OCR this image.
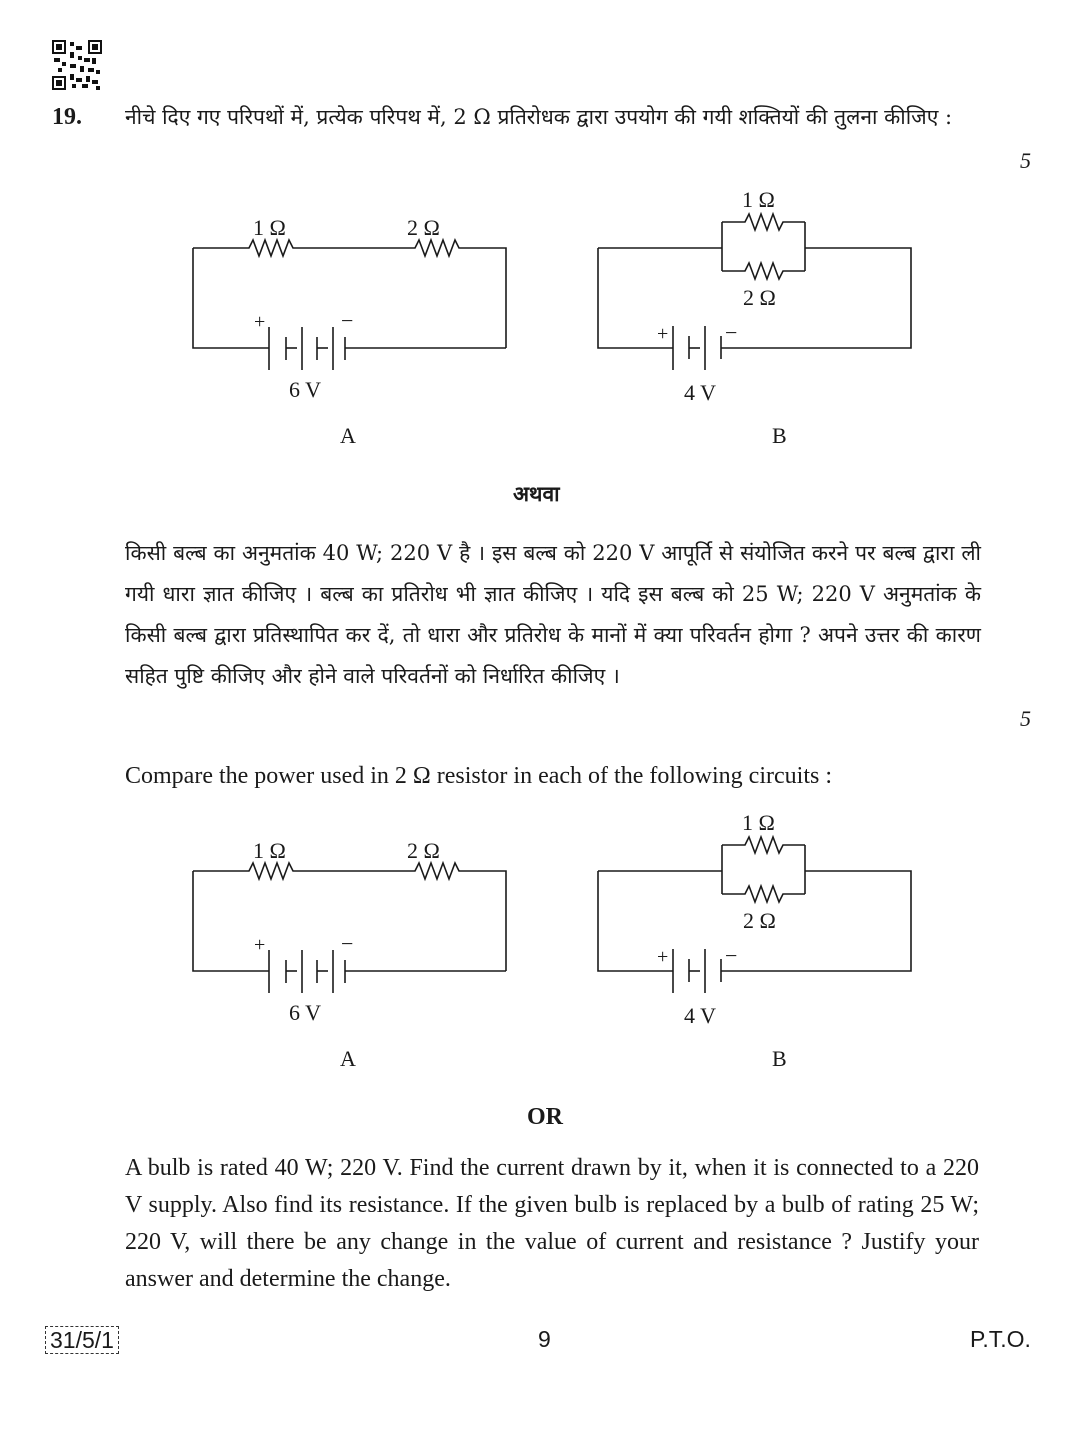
19. नीचे दिए गए परिपथों में, प्रत्येक परिपथ में, 2 Ω प्रतिरोधक द्वारा उपयोग की गयी शक्तियों की तुलना कीजिए :
5
1 Ω	2 Ω
+	−
6 V
A
1 Ω
2 Ω
+	−
4 V
B
अथवा
किसी बल्ब का अनुमतांक 40 W; 220 V है । इस बल्ब को 220 V आपूर्ति से संयोजित करने पर बल्ब द्वारा ली गयी धारा ज्ञात कीजिए । बल्ब का प्रतिरोध भी ज्ञात कीजिए । यदि इस बल्ब को 25 W; 220 V अनुमतांक के किसी बल्ब द्वारा प्रतिस्थापित कर दें, तो धारा और प्रतिरोध के मानों में क्या परिवर्तन होगा ? अपने उत्तर की कारण सहित पुष्टि कीजिए और होने वाले परिवर्तनों को निर्धारित कीजिए ।
5
Compare the power used in 2 Ω resistor in each of the following circuits :
1 Ω	2 Ω
+	−
6 V
A
1 Ω
2 Ω
+	−
4 V
B
OR
A bulb is rated 40 W; 220 V. Find the current drawn by it, when it is connected to a 220 V supply. Also find its resistance. If the given bulb is replaced by a bulb of rating 25 W; 220 V, will there be any change in the value of current and resistance ? Justify your answer and determine the change.
31/5/1	9	P.T.O.
